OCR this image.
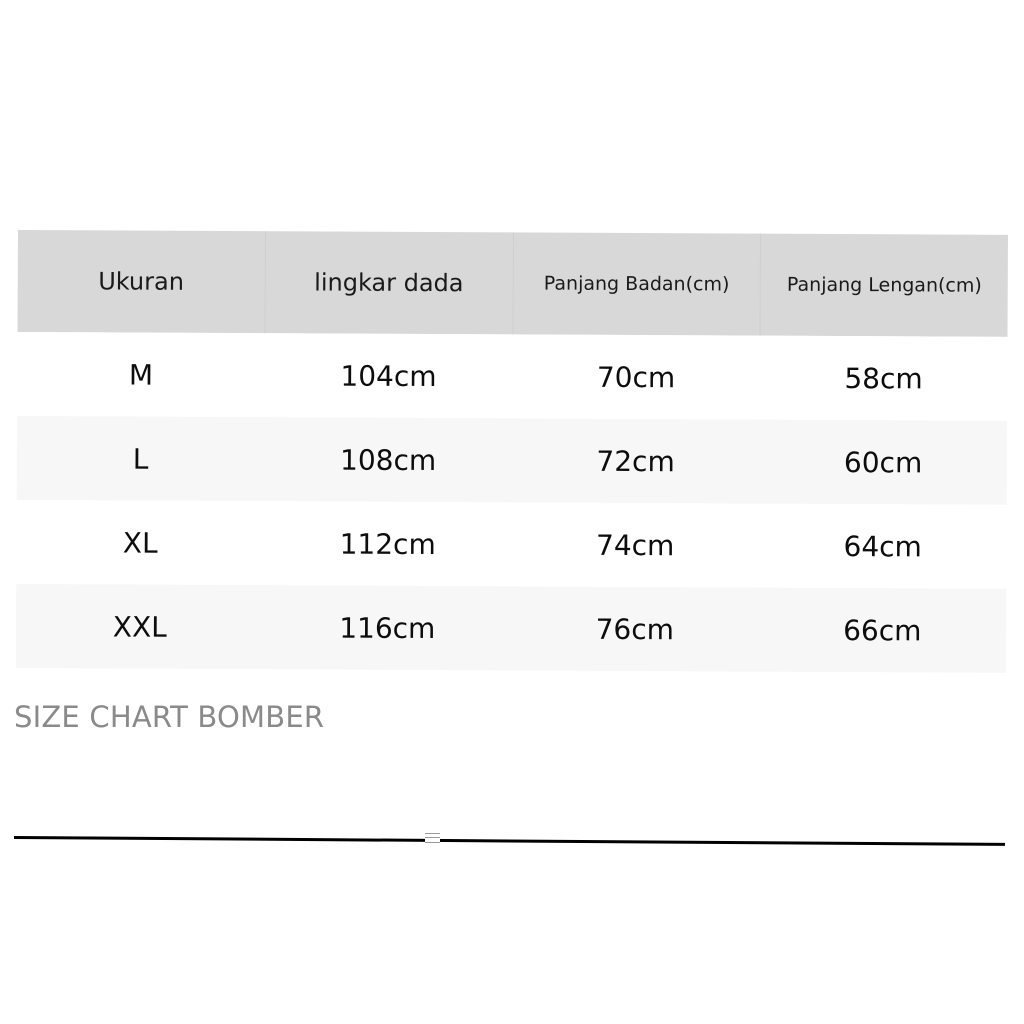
Ukuran	lingkar dada	Panjang Badan(cm)	Panjang Lengan(cm)
M	104cm	70cm	58cm
L	108cm	72cm	60cm
XL	112cm	74cm	64cm
XXL	116cm	76cm	66cm
SIZE CHART BOMBER
